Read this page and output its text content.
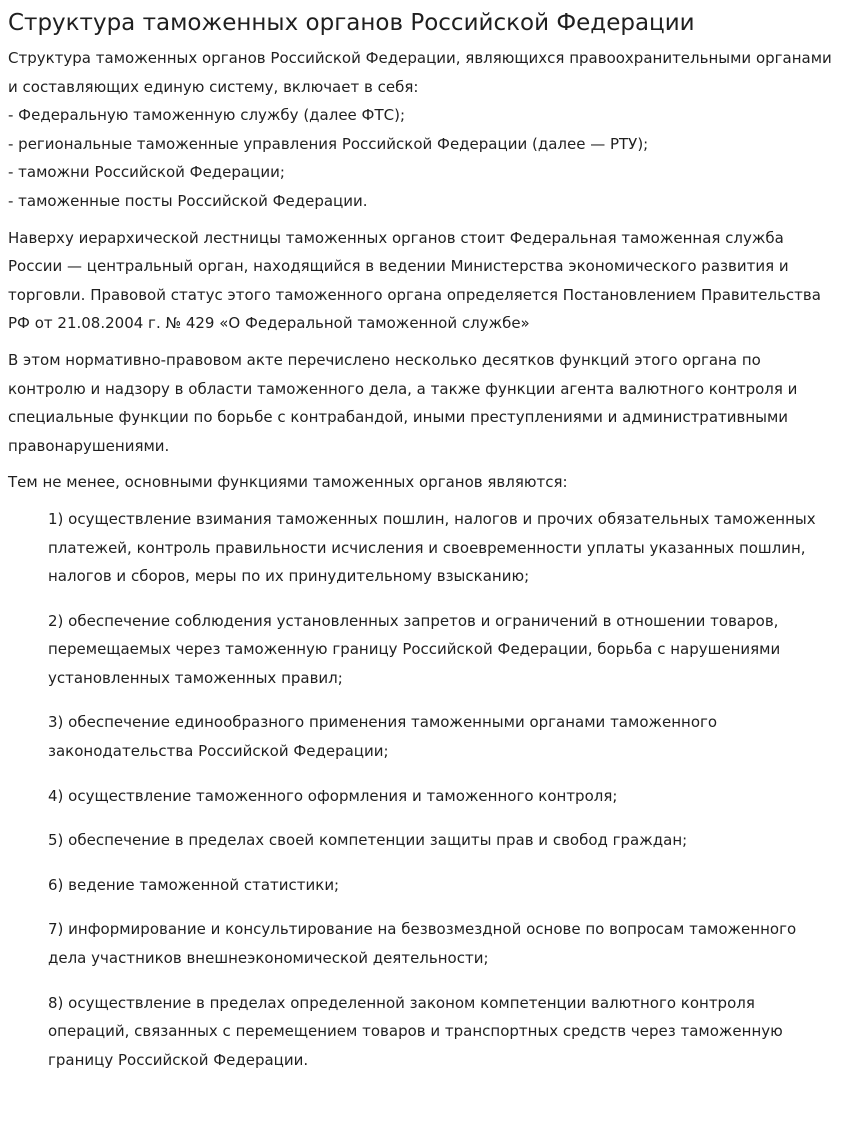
Структура таможенных органов Российской Федерации

Структура таможенных органов Российской Федерации, являющихся правоохранительными органами и составляющих единую систему, включает в себя:
- Федеральную таможенную службу (далее ФТС);
- региональные таможенные управления Российской Федерации (далее — РТУ);
- таможни Российской Федерации;
- таможенные посты Российской Федерации.

Наверху иерархической лестницы таможенных органов стоит Федеральная таможенная служба России — центральный орган, находящийся в ведении Министерства экономического развития и торговли. Правовой статус этого таможенного органа определяется Постановлением Правительства РФ от 21.08.2004 г. № 429 «О Федеральной таможенной службе»

В этом нормативно-правовом акте перечислено несколько десятков функций этого органа по контролю и надзору в области таможенного дела, а также функции агента валютного контроля и специальные функции по борьбе с контрабандой, иными преступлениями и административными правонарушениями.

Тем не менее, основными функциями таможенных органов являются:

1) осуществление взимания таможенных пошлин, налогов и прочих обязательных таможенных платежей, контроль правильности исчисления и своевременности уплаты указанных пошлин, налогов и сборов, меры по их принудительному взысканию;
2) обеспечение соблюдения установленных запретов и ограничений в отношении товаров, перемещаемых через таможенную границу Российской Федерации, борьба с нарушениями установленных таможенных правил;
3) обеспечение единообразного применения таможенными органами таможенного законодательства Российской Федерации;
4) осуществление таможенного оформления и таможенного контроля;
5) обеспечение в пределах своей компетенции защиты прав и свобод граждан;
6) ведение таможенной статистики;
7) информирование и консультирование на безвозмездной основе по вопросам таможенного дела участников внешнеэкономической деятельности;
8) осуществление в пределах определенной законом компетенции валютного контроля операций, связанных с перемещением товаров и транспортных средств через таможенную границу Российской Федерации.
